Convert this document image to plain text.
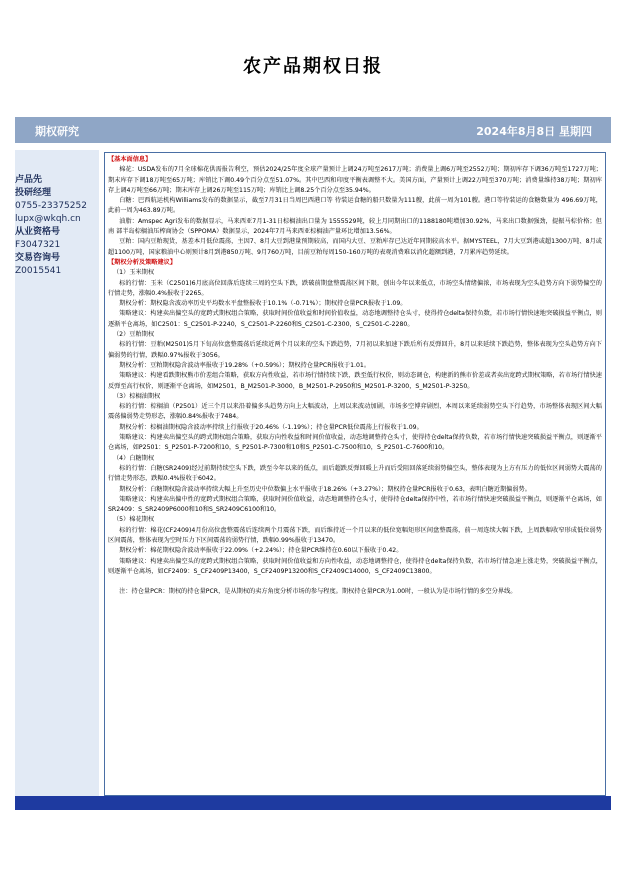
农产品期权日报
期权研究	2024年8月8日 星期四
卢品先
投研经理
0755-23375252
lupx@wkqh.cn
从业资格号
F3047321
交易咨询号
Z0015541

【基本面信息】

棉花：USDA发布的7月全球棉花供需报告利空，预估2024/25年度全球产量预计上调24万吨至2617万吨；消费量上调6万吨至2552万吨；期初库存下调36万吨至1727万吨；期末库存下调18万吨至65万吨；库销比下调0.49个百分点至51.07%。其中巴西和印度平衡表调整不大。美国方面，产量预计上调22万吨至370万吨；消费量维持38万吨；期初库存上调4万吨至66万吨；期末库存上调26万吨至115万吨；库销比上调8.25个百分点至35.94%。

白糖：巴西航运机构Williams发布的数据显示，截至7月31日当周巴西港口等 待装运食糖的船只数量为111艘，此前一周为101艘。港口等待装运的食糖数量为 496.69万吨，此前一周为463.89万吨。

油脂：Amspec Agri发布的数据显示，马来西亚7月1-31日棕榈油出口量为 1555529吨，较上月同期出口的1188180吨增加30.92%，马来出口数据强劲，提振马棕价格；但南 部半岛棕榈油压榨商协会（SPPOMA）数据显示，2024年7月马来西亚棕榈油产量环比增加13.56%。

豆粕：国内豆粕现货，基差本月低位震荡，主因7、8月大豆到港量预期较高，而国内大豆、豆粕库存已达近年同期较高水平。据MYSTEEL，7月大豆到港或超1300万吨、8月或超1100万吨，国家粮油中心则预计8月到港850万吨、9月760万吨，目前豆粕每周150-160万吨的表观消费难以消化超额到港，7月累库趋势延续。

【期权分析及策略建议】

（1）玉米期权

标的行情：玉米（C2501)6月底高位回落后连续三周的空头下跌，跌破前期盘整震荡区间下限，创出今年以来低点，市场空头情绪偏浓，市场表现为空头趋势方向下弱势偏空的行情走势，涨幅0.4%报收于2265。

期权分析：期权隐含波动率历史平均数水平盘整报收于10.1%（-0.71%）；期权持仓量PCR报收于1.09。

策略建议：构建卖出偏空头的宽跨式期权组合策略，获取时间价值收益和时间价值收益，动态地调整持仓头寸，使得持仓delta保持负数，若市场行情快速地突破损益平衡点，则逐渐平仓离场，如C2501：S_C2501-P-2240，S_C2501-P-2260和S_C2501-C-2300，S_C2501-C-2280。

（2）豆粕期权

标的行情：豆粕(M2501)5月下旬高位盘整震荡后延续近两个月以来的空头下跌趋势，7月初以来加速下跌后所有反弹回升，8月以来延续下跌趋势，整体表现为空头趋势方向下偏弱势的行情，跌幅0.97%报收于3056。

期权分析：豆粕期权隐含波动率报收于19.28%（+0.59%）；期权持仓量PCR报收于1.01。

策略建议：构建看跌期权熊市价差组合策略，获取方向性收益，若市场行情持续下跌，跌至低行权价，则动态调仓，构建新的熊市价差或者卖出宽跨式期权策略，若市场行情快速反弹至高行权价，则逐渐平仓离场，如M2501，B_M2501-P-3000，B_M2501-P-2950和S_M2501-P-3200，S_M2501-P-3250。

（3）棕榈油期权

标的行情：棕榈油（P2501）近三个月以来沿着偏多头趋势方向上大幅波动，上周以来波动加剧，市场多空博弈剧烈，本周以来延续弱势空头下行趋势，市场整体表现区间大幅震荡偏弱势走势形态，涨幅0.84%报收于7484。

期权分析：棕榈油期权隐含波动率持续上行报收于20.46%（-1.19%）；持仓量PCR低位震荡上行报收于1.09。

策略建议：构建卖出偏空头的跨式期权组合策略，获取方向性收益和时间价值收益，动态地调整持仓头寸，使得持仓delta保持负数，若市场行情快速突破损益平衡点，则逐渐平仓离场，如P2501：S_P2501-P-7200和10，S_P2501-P-7300和10和S_P2501-C-7500和10，S_P2501-C-7600和10。

（4）白糖期权

标的行情：白糖(SR2409)经过前期持续空头下跌，跌至今年以来的低点，而后超跌反弹回暖上升而后受阻回落延续弱势偏空头，整体表现为上方有压力的低位区间弱势大震荡的行情走势形态，跌幅0.4%报收于6042。

期权分析：白糖期权隐含波动率持续大幅上升至历史中位数偏上水平报收于18.26%（+3.27%）；期权持仓量PCR报收于0.63，表明白糖近期偏弱势。

策略建议：构建卖出偏中性的宽跨式期权组合策略，获取时间价值收益，动态地调整持仓头寸，使得持仓delta保持中性，若市场行情快速突破损益平衡点，则逐渐平仓离场，如SR2409：S_SR2409P6000和10和S_SR2409C6100和10。

（5）棉花期权

标的行情：棉花(CF2409)4月份高位盘整震荡后连续两个月震荡下跌，而后维持近一个月以来的低位宽幅矩形区间盘整震荡，前一周连续大幅下跌，上周跌幅收窄形成低位弱势区间震荡，整体表现为空时压力下区间震荡的弱势行情，跌幅0.99%报收于13470。

期权分析：棉花期权隐含波动率报收于22.09%（+2.24%）；持仓量PCR维持在0.60以下报收于0.42。

策略建议：构建卖出偏空头的宽跨式期权组合策略，获取时间价值收益和方向性收益，动态地调整持仓，使得持仓delta保持负数，若市场行情急速上涨走势，突破损益平衡点，则逐渐平仓离场，如CF2409：S_CF2409P13400，S_CF2409P13200和S_CF2409C14000，S_CF2409C13800。

注：持仓量PCR：期权的持仓量PCR，是从期权的卖方角度分析市场的参与程度。期权持仓量PCR为1.00时，一般认为是市场行情的多空分界线。
